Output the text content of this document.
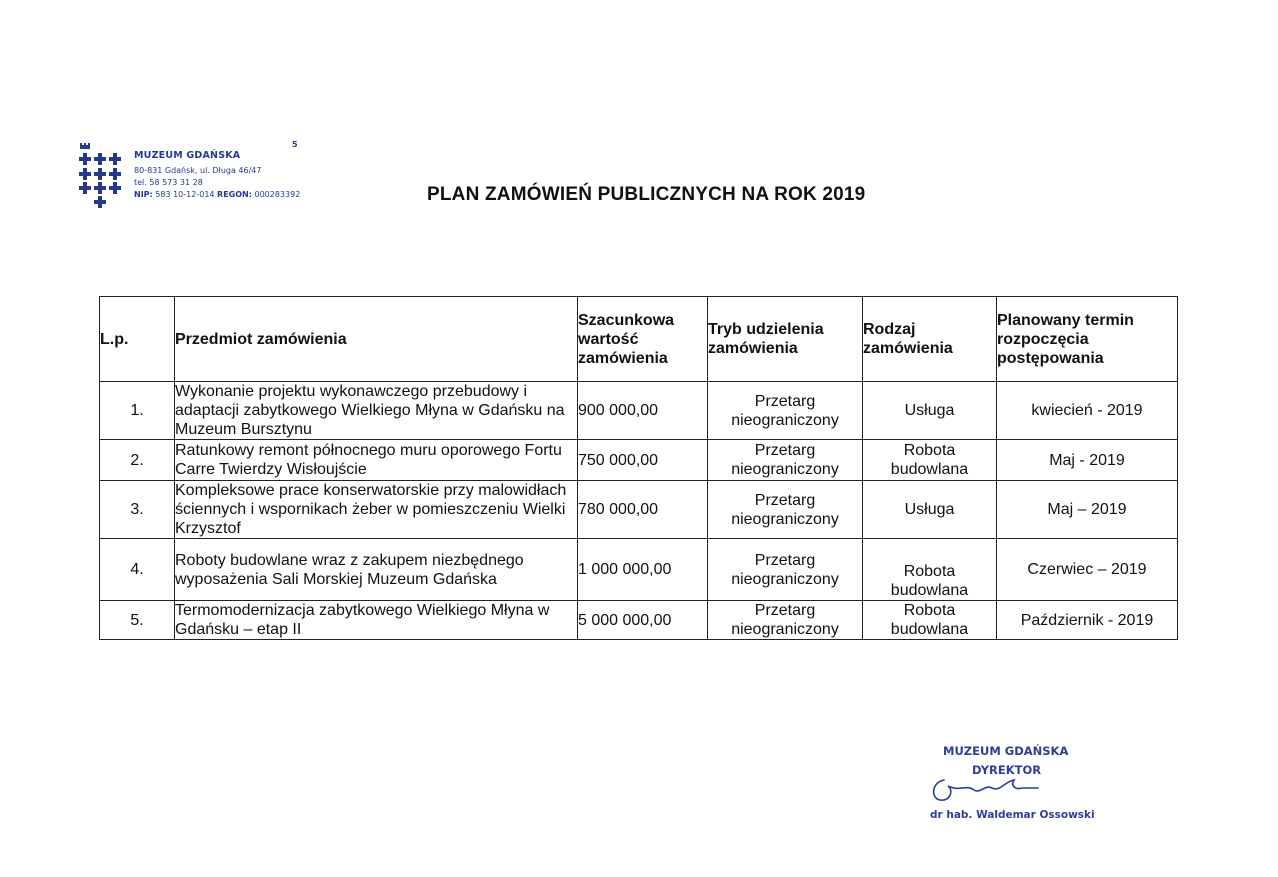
MUZEUM GDAŃSKA
80-831 Gdańsk, ul. Długa 46/47
tel. 58 573 31 28
NIP: 583 10-12-014 REGON: 000283392
5
PLAN ZAMÓWIEŃ PUBLICZNYCH NA ROK 2019
L.p.	Przedmiot zamówienia	Szacunkowa wartość zamówienia	Tryb udzielenia zamówienia	Rodzaj zamówienia	Planowany termin rozpoczęcia postępowania
1.	Wykonanie projektu wykonawczego przebudowy i adaptacji zabytkowego Wielkiego Młyna w Gdańsku na Muzeum Bursztynu	900 000,00	Przetarg nieograniczony	Usługa	kwiecień - 2019
2.	Ratunkowy remont północnego muru oporowego Fortu Carre Twierdzy Wisłoujście	750 000,00	Przetarg nieograniczony	Robota budowlana	Maj - 2019
3.	Kompleksowe prace konserwatorskie przy malowidłach ściennych i wspornikach żeber w pomieszczeniu Wielki Krzysztof	780 000,00	Przetarg nieograniczony	Usługa	Maj – 2019
4.	Roboty budowlane wraz z zakupem niezbędnego wyposażenia Sali Morskiej Muzeum Gdańska	1 000 000,00	Przetarg nieograniczony	Robota budowlana	Czerwiec – 2019
5.	Termomodernizacja zabytkowego Wielkiego Młyna w Gdańsku – etap II	5 000 000,00	Przetarg nieograniczony	Robota budowlana	Październik - 2019
MUZEUM GDAŃSKA
DYREKTOR
dr hab. Waldemar Ossowski
